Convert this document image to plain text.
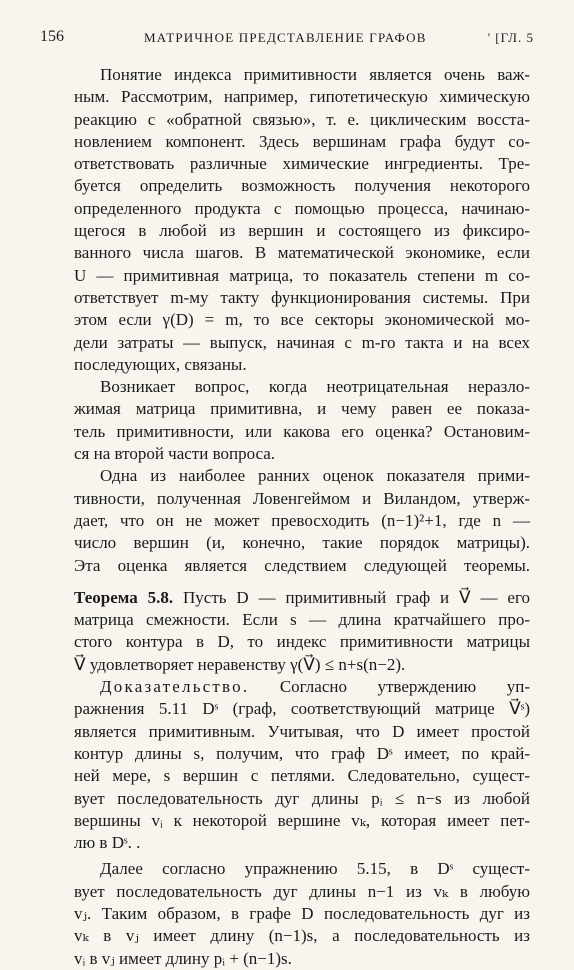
156	МАТРИЧНОЕ ПРЕДСТАВЛЕНИЕ ГРАФОВ	' [ГЛ. 5

Понятие индекса примитивности является очень важ-

ным. Рассмотрим, например, гипотетическую химическую

реакцию с «обратной связью», т. е. циклическим восста-

новлением компонент. Здесь вершинам графа будут со-

ответствовать различные химические ингредиенты. Тре-

буется определить возможность получения некоторого

определенного продукта с помощью процесса, начинаю-

щегося в любой из вершин и состоящего из фиксиро-

ванного числа шагов. В математической экономике, если

U — примитивная матрица, то показатель степени m со-

ответствует m-му такту функционирования системы. При

этом если γ(D) = m, то все секторы экономической мо-

дели затраты — выпуск, начиная с m-го такта и на всех

последующих, связаны.

Возникает вопрос, когда неотрицательная неразло-

жимая матрица примитивна, и чему равен ее показа-

тель примитивности, или какова его оценка? Остановим-

ся на второй части вопроса.

Одна из наиболее ранних оценок показателя прими-

тивности, полученная Ловенгеймом и Виландом, утверж-

дает, что он не может превосходить (n−1)²+1, где n —

число вершин (и, конечно, такие порядок матрицы).

Эта оценка является следствием следующей теоремы.

Теорема 5.8. Пусть D — примитивный граф и V⃗ — его

матрица смежности. Если s — длина кратчайшего про-

стого контура в D, то индекс примитивности матрицы

V⃗ удовлетворяет неравенству γ(V⃗) ≤ n+s(n−2).

Доказательство. Согласно утверждению уп-

ражнения 5.11 Dˢ (граф, соответствующий матрице V⃗ˢ)

является примитивным. Учитывая, что D имеет простой

контур длины s, получим, что граф Dˢ имеет, по край-

ней мере, s вершин с петлями. Следовательно, сущест-

вует последовательность дуг длины pᵢ ≤ n−s из любой

вершины vᵢ к некоторой вершине vₖ, которая имеет пет-

лю в Dˢ. .

Далее согласно упражнению 5.15, в Dˢ сущест-

вует последовательность дуг длины n−1 из vₖ в любую

vⱼ. Таким образом, в графе D последовательность дуг из

vₖ в vⱼ имеет длину (n−1)s, а последовательность из

vᵢ в vⱼ имеет длину pᵢ + (n−1)s.
